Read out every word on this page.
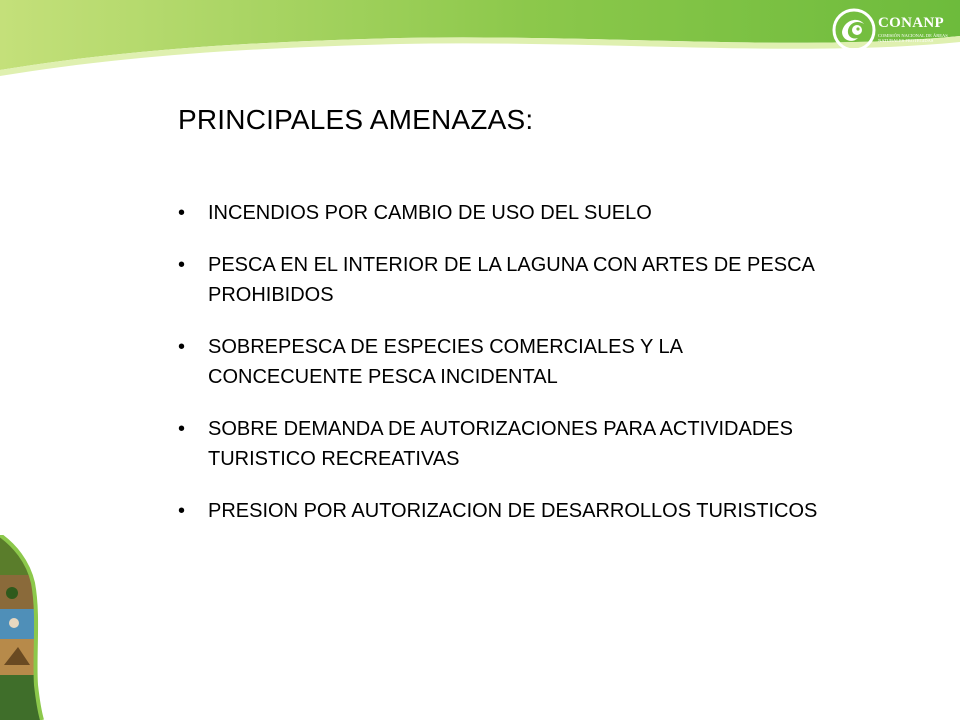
CONANP
COMISIÓN NACIONAL DE ÁREAS NATURALES PROTEGIDAS
PRINCIPALES AMENAZAS:
•	INCENDIOS POR CAMBIO DE USO DEL SUELO
•	PESCA EN EL INTERIOR DE LA LAGUNA CON ARTES DE PESCA PROHIBIDOS
•	SOBREPESCA DE ESPECIES COMERCIALES Y LA CONCECUENTE PESCA INCIDENTAL
•	SOBRE DEMANDA DE AUTORIZACIONES PARA ACTIVIDADES TURISTICO RECREATIVAS
•	PRESION POR AUTORIZACION DE DESARROLLOS TURISTICOS
